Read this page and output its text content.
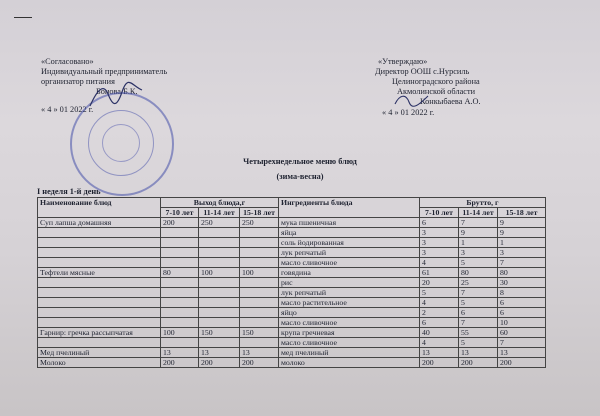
«Согласовано»
Индивидуальный предприниматель
организатор питания
Бонова Б.К.
« 4 » 01 2022 г.
«Утверждаю»
Директор ООШ с.Нурсиль
Целиноградского района
Акмолинской области
Конкыбаева А.О.
« 4 » 01 2022 г.
Четырехнедельное меню блюд
(зима-весна)
I неделя 1-й день
Наименование блюд	Выход блюда,г			Ингредиенты блюда	Брутто, г		
	7-10 лет	11-14 лет	15-18 лет		7-10 лет	11-14 лет	15-18 лет
Суп лапша домашняя	200	250	250	мука пшеничная	6	7	9
				яйца	3	9	9
				соль йодированная	3	1	1
				лук репчатый	3	3	3
				масло сливочное	4	5	7
Тефтели мясные	80	100	100	говядина	61	80	80
				рис	20	25	30
				лук репчатый	5	7	8
				масло растительное	4	5	6
				яйцо	2	6	6
				масло сливочное	6	7	10
Гарнир: гречка рассыпчатая	100	150	150	крупа гречневая	40	55	60
				масло сливочное	4	5	7
Мед пчелиный	13	13	13	мед пчелиный	13	13	13
Молоко	200	200	200	молоко	200	200	200
